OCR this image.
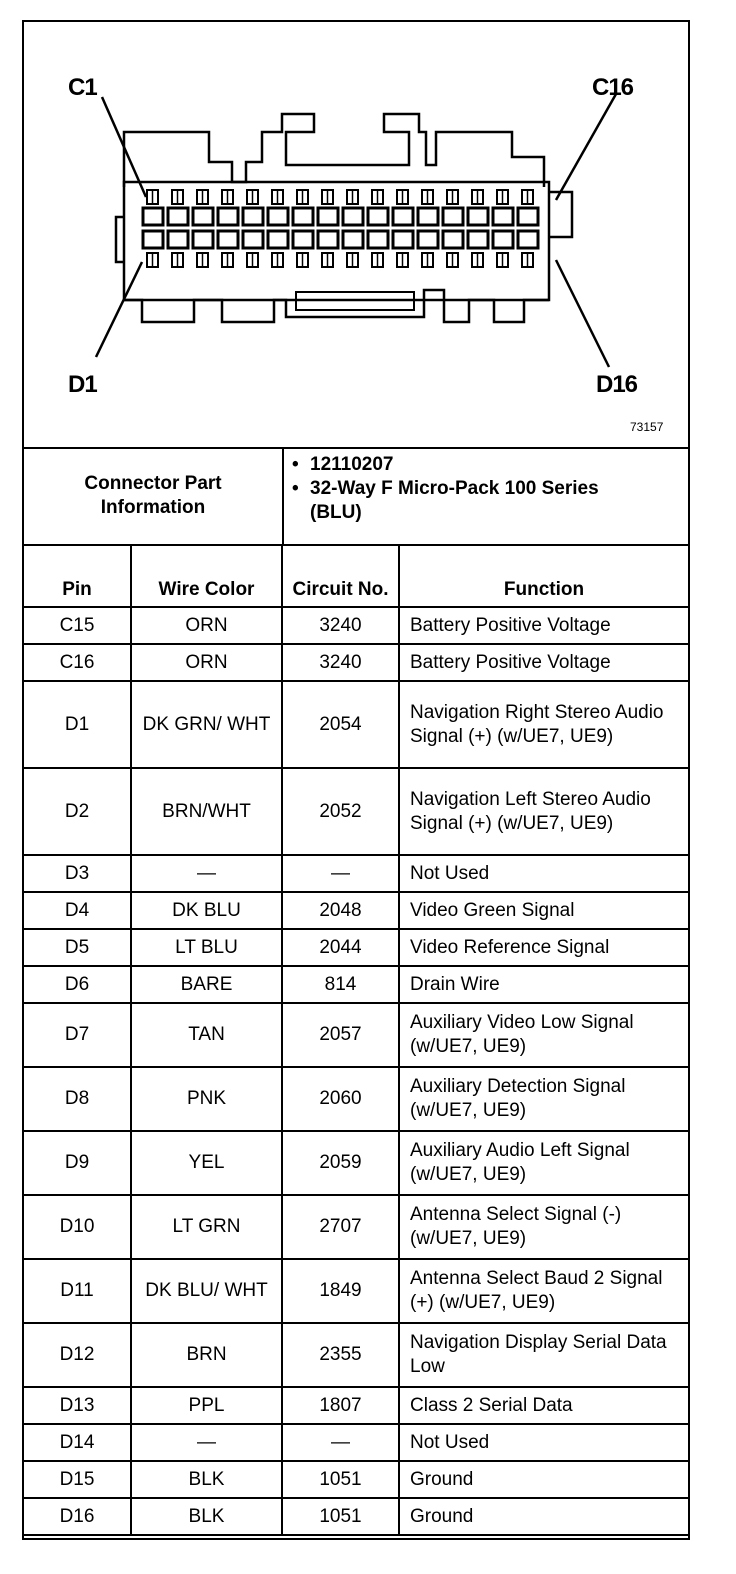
C1	C16
D1	D16
73157
Connector Part Information
• 12110207
• 32-Way F Micro-Pack 100 Series (BLU)
Pin	Wire Color	Circuit No.	Function
C15	ORN	3240	Battery Positive Voltage
C16	ORN	3240	Battery Positive Voltage
D1	DK GRN/ WHT	2054	Navigation Right Stereo Audio Signal (+) (w/UE7, UE9)
D2	BRN/WHT	2052	Navigation Left Stereo Audio Signal (+) (w/UE7, UE9)
D3	—	—	Not Used
D4	DK BLU	2048	Video Green Signal
D5	LT BLU	2044	Video Reference Signal
D6	BARE	814	Drain Wire
D7	TAN	2057	Auxiliary Video Low Signal (w/UE7, UE9)
D8	PNK	2060	Auxiliary Detection Signal (w/UE7, UE9)
D9	YEL	2059	Auxiliary Audio Left Signal (w/UE7, UE9)
D10	LT GRN	2707	Antenna Select Signal (-) (w/UE7, UE9)
D11	DK BLU/ WHT	1849	Antenna Select Baud 2 Signal (+) (w/UE7, UE9)
D12	BRN	2355	Navigation Display Serial Data Low
D13	PPL	1807	Class 2 Serial Data
D14	—	—	Not Used
D15	BLK	1051	Ground
D16	BLK	1051	Ground
